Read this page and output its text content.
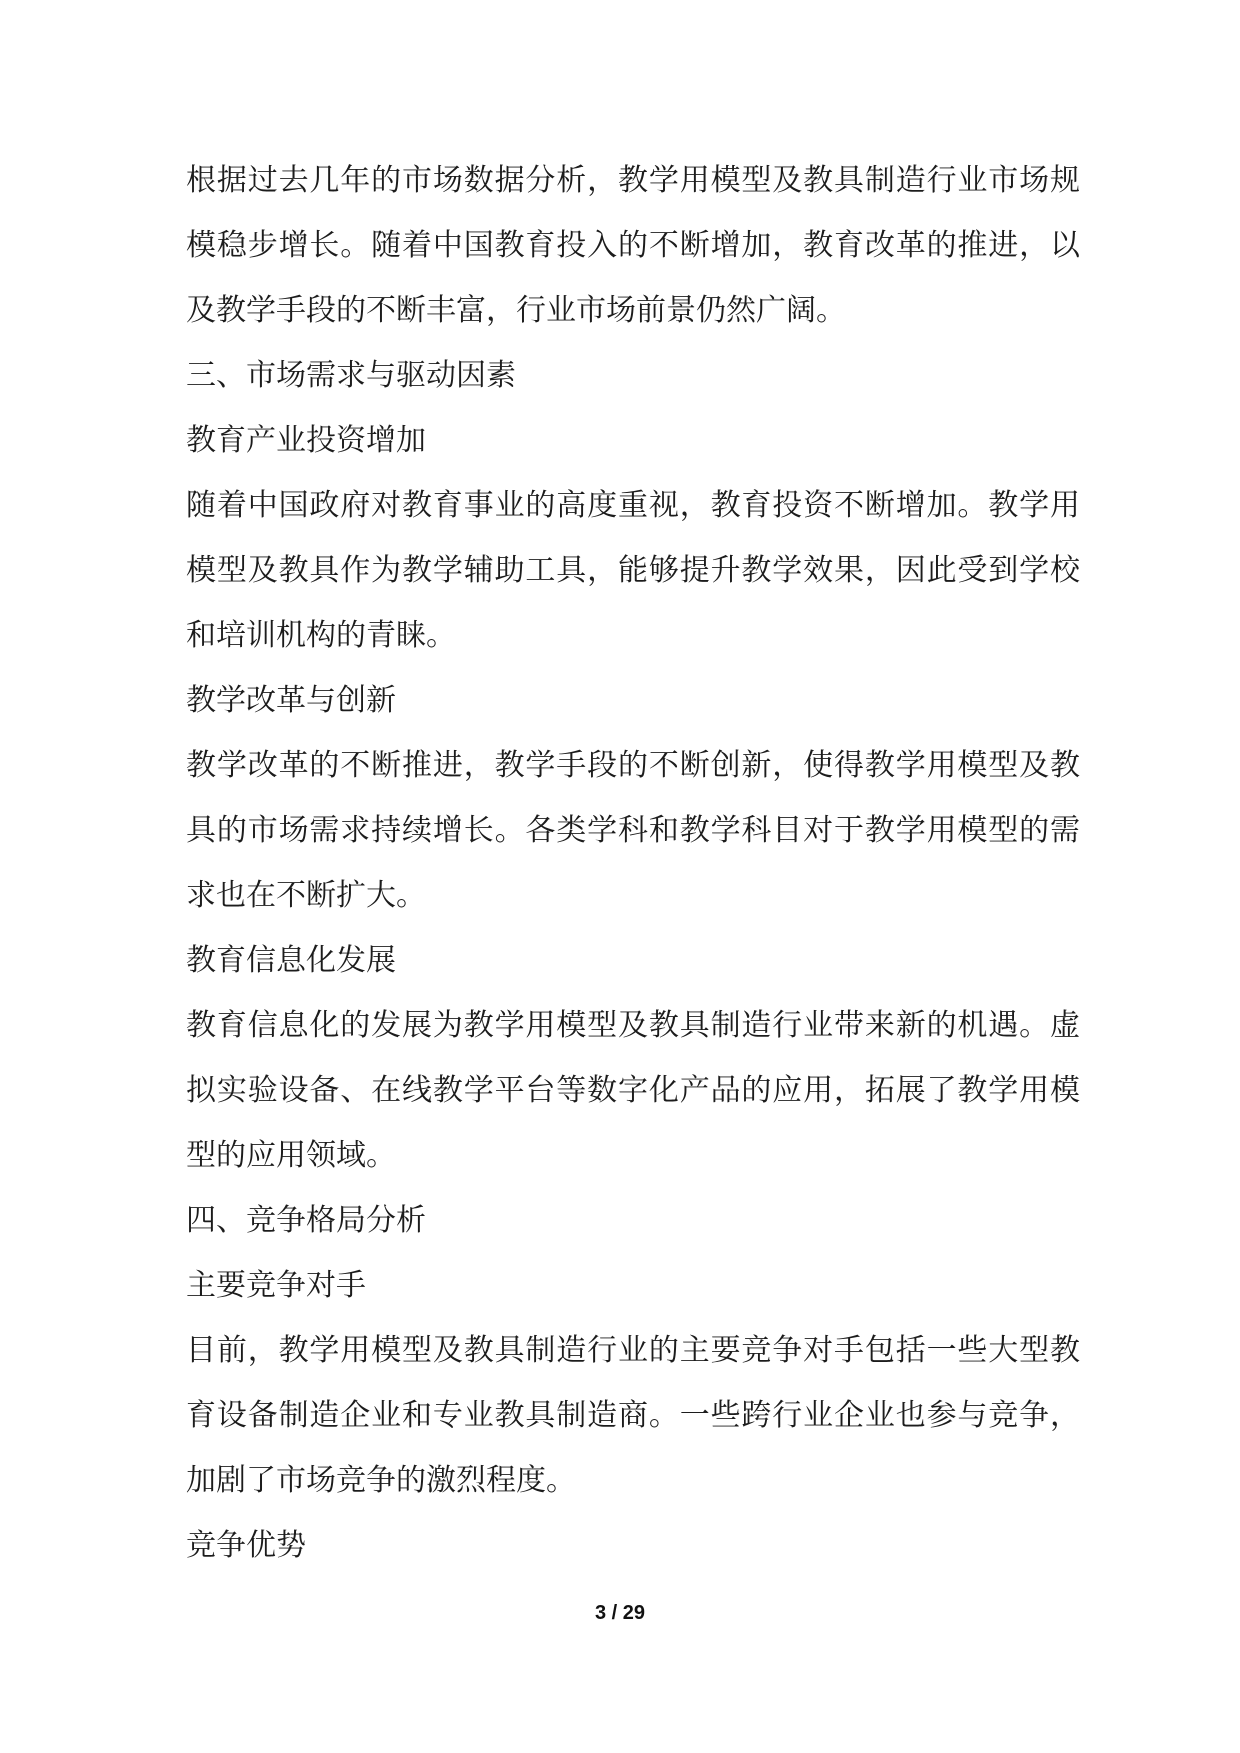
根据过去几年的市场数据分析，教学用模型及教具制造行业市场规
模稳步增长。随着中国教育投入的不断增加，教育改革的推进，以
及教学手段的不断丰富，行业市场前景仍然广阔。
三、市场需求与驱动因素
教育产业投资增加
随着中国政府对教育事业的高度重视，教育投资不断增加。教学用
模型及教具作为教学辅助工具，能够提升教学效果，因此受到学校
和培训机构的青睐。
教学改革与创新
教学改革的不断推进，教学手段的不断创新，使得教学用模型及教
具的市场需求持续增长。各类学科和教学科目对于教学用模型的需
求也在不断扩大。
教育信息化发展
教育信息化的发展为教学用模型及教具制造行业带来新的机遇。虚
拟实验设备、在线教学平台等数字化产品的应用，拓展了教学用模
型的应用领域。
四、竞争格局分析
主要竞争对手
目前，教学用模型及教具制造行业的主要竞争对手包括一些大型教
育设备制造企业和专业教具制造商。一些跨行业企业也参与竞争，
加剧了市场竞争的激烈程度。
竞争优势
3 / 29
